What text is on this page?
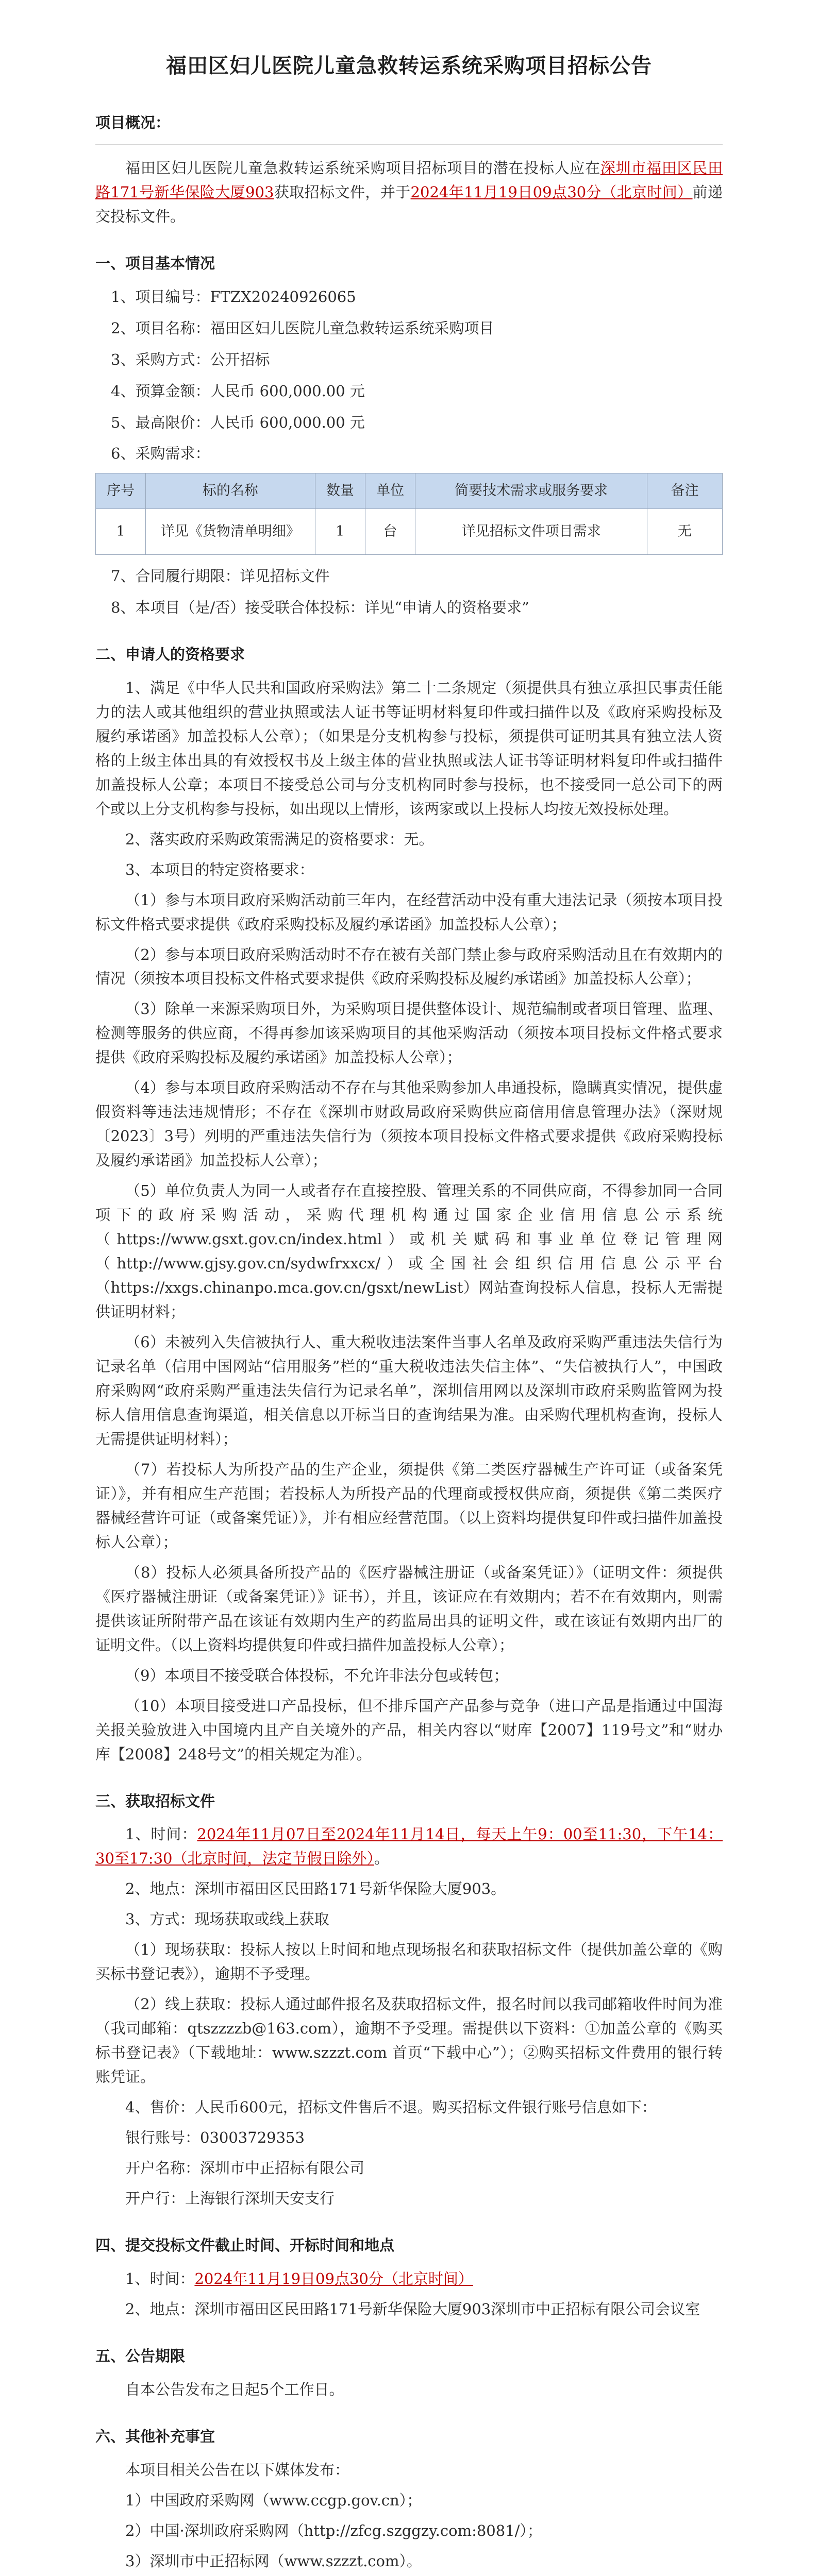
福田区妇儿医院儿童急救转运系统采购项目招标公告
项目概况：

福田区妇儿医院儿童急救转运系统采购项目招标项目的潜在投标人应在深圳市福田区民田路171号新华保险大厦903获取招标文件，并于2024年11月19日09点30分（北京时间）前递交投标文件。

一、项目基本情况
1、项目编号：FTZX20240926065
2、项目名称：福田区妇儿医院儿童急救转运系统采购项目
3、采购方式：公开招标
4、预算金额：人民币 600,000.00 元
5、最高限价：人民币 600,000.00 元
6、采购需求：
序号	标的名称	数量	单位	简要技术需求或服务要求	备注
1	详见《货物清单明细》	1	台	详见招标文件项目需求	无
7、合同履行期限：详见招标文件
8、本项目（是/否）接受联合体投标：详见“申请人的资格要求”
二、申请人的资格要求

1、满足《中华人民共和国政府采购法》第二十二条规定（须提供具有独立承担民事责任能力的法人或其他组织的营业执照或法人证书等证明材料复印件或扫描件以及《政府采购投标及履约承诺函》加盖投标人公章）；（如果是分支机构参与投标，须提供可证明其具有独立法人资格的上级主体出具的有效授权书及上级主体的营业执照或法人证书等证明材料复印件或扫描件加盖投标人公章；本项目不接受总公司与分支机构同时参与投标，也不接受同一总公司下的两个或以上分支机构参与投标，如出现以上情形，该两家或以上投标人均按无效投标处理。

2、落实政府采购政策需满足的资格要求：无。

3、本项目的特定资格要求：

（1）参与本项目政府采购活动前三年内，在经营活动中没有重大违法记录（须按本项目投标文件格式要求提供《政府采购投标及履约承诺函》加盖投标人公章）；

（2）参与本项目政府采购活动时不存在被有关部门禁止参与政府采购活动且在有效期内的情况（须按本项目投标文件格式要求提供《政府采购投标及履约承诺函》加盖投标人公章）；

（3）除单一来源采购项目外，为采购项目提供整体设计、规范编制或者项目管理、监理、检测等服务的供应商，不得再参加该采购项目的其他采购活动（须按本项目投标文件格式要求提供《政府采购投标及履约承诺函》加盖投标人公章）；

（4）参与本项目政府采购活动不存在与其他采购参加人串通投标，隐瞒真实情况，提供虚假资料等违法违规情形；不存在《深圳市财政局政府采购供应商信用信息管理办法》（深财规〔2023〕3号）列明的严重违法失信行为（须按本项目投标文件格式要求提供《政府采购投标及履约承诺函》加盖投标人公章）；

（5）单位负责人为同一人或者存在直接控股、管理关系的不同供应商，不得参加同一合同项下的政府采购活动，采购代理机构通过国家企业信用信息公示系统（https://www.gsxt.gov.cn/index.html）或机关赋码和事业单位登记管理网（http://www.gjsy.gov.cn/sydwfrxxcx/）或全国社会组织信用信息公示平台（https://xxgs.chinanpo.mca.gov.cn/gsxt/newList）网站查询投标人信息，投标人无需提供证明材料；

（6）未被列入失信被执行人、重大税收违法案件当事人名单及政府采购严重违法失信行为记录名单（信用中国网站“信用服务”栏的“重大税收违法失信主体”、“失信被执行人”，中国政府采购网“政府采购严重违法失信行为记录名单”，深圳信用网以及深圳市政府采购监管网为投标人信用信息查询渠道，相关信息以开标当日的查询结果为准。由采购代理机构查询，投标人无需提供证明材料）；

（7）若投标人为所投产品的生产企业，须提供《第二类医疗器械生产许可证（或备案凭证）》，并有相应生产范围；若投标人为所投产品的代理商或授权供应商，须提供《第二类医疗器械经营许可证（或备案凭证）》，并有相应经营范围。（以上资料均提供复印件或扫描件加盖投标人公章）；

（8）投标人必须具备所投产品的《医疗器械注册证（或备案凭证）》（证明文件：须提供《医疗器械注册证（或备案凭证）》证书），并且，该证应在有效期内；若不在有效期内，则需提供该证所附带产品在该证有效期内生产的药监局出具的证明文件，或在该证有效期内出厂的证明文件。（以上资料均提供复印件或扫描件加盖投标人公章）；

（9）本项目不接受联合体投标，不允许非法分包或转包；

（10）本项目接受进口产品投标，但不排斥国产产品参与竞争（进口产品是指通过中国海关报关验放进入中国境内且产自关境外的产品，相关内容以“财库【2007】119号文”和“财办库【2008】248号文”的相关规定为准）。

三、获取招标文件

1、时间：2024年11月07日至2024年11月14日，每天上午9：00至11:30，下午14：30至17:30（北京时间，法定节假日除外）。

2、地点：深圳市福田区民田路171号新华保险大厦903。

3、方式：现场获取或线上获取

（1）现场获取：投标人按以上时间和地点现场报名和获取招标文件（提供加盖公章的《购买标书登记表》），逾期不予受理。

（2）线上获取：投标人通过邮件报名及获取招标文件，报名时间以我司邮箱收件时间为准（我司邮箱：qtszzzzb@163.com），逾期不予受理。需提供以下资料：①加盖公章的《购买标书登记表》（下载地址：www.szzzt.com 首页“下载中心”）；②购买招标文件费用的银行转账凭证。

4、售价：人民币600元，招标文件售后不退。购买招标文件银行账号信息如下：

银行账号：03003729353

开户名称：深圳市中正招标有限公司

开户行：上海银行深圳天安支行

四、提交投标文件截止时间、开标时间和地点

1、时间：2024年11月19日09点30分（北京时间）

2、地点：深圳市福田区民田路171号新华保险大厦903深圳市中正招标有限公司会议室

五、公告期限

自本公告发布之日起5个工作日。

六、其他补充事宜

本项目相关公告在以下媒体发布：

1）中国政府采购网（www.ccgp.gov.cn）；

2）中国·深圳政府采购网（http://zfcg.szggzy.com:8081/）；

3）深圳市中正招标网（www.szzzt.com）。
